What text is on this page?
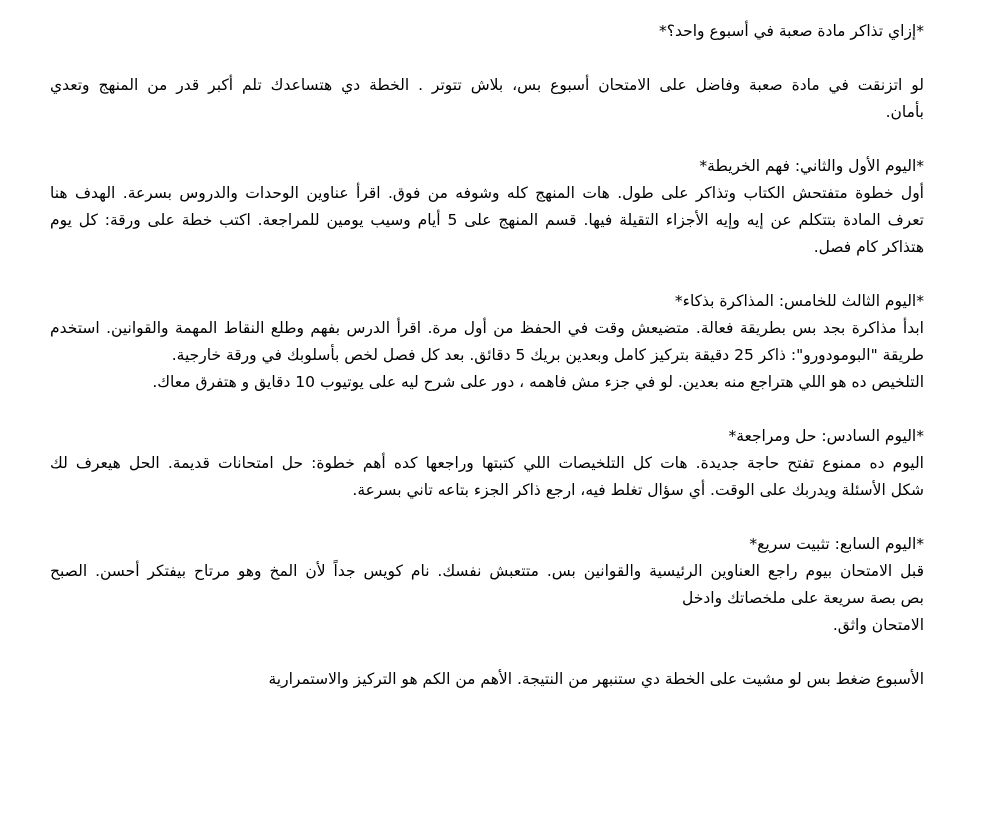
*إزاي تذاكر مادة صعبة في أسبوع واحد؟*
لو اتزنقت في مادة صعبة وفاضل على الامتحان أسبوع بس، بلاش تتوتر . الخطة دي هتساعدك تلم أكبر قدر من المنهج وتعدي
بأمان.
*اليوم الأول والثاني: فهم الخريطة*
أول خطوة متفتحش الكتاب وتذاكر على طول. هات المنهج كله وشوفه من فوق. اقرأ عناوين الوحدات والدروس بسرعة. الهدف هنا
تعرف المادة بتتكلم عن إيه وإيه الأجزاء التقيلة فيها. قسم المنهج على 5 أيام وسيب يومين للمراجعة. اكتب خطة على ورقة: كل يوم
هتذاكر كام فصل.
*اليوم الثالث للخامس: المذاكرة بذكاء*
ابدأ مذاكرة بجد بس بطريقة فعالة. متضيعش وقت في الحفظ من أول مرة. اقرأ الدرس بفهم وطلع النقاط المهمة والقوانين. استخدم
طريقة "البومودورو": ذاكر 25 دقيقة بتركيز كامل وبعدين بريك 5 دقائق. بعد كل فصل لخص بأسلوبك في ورقة خارجية.
التلخيص ده هو اللي هتراجع منه بعدين. لو في جزء مش فاهمه ، دور على شرح ليه على يوتيوب 10 دقايق و هتفرق معاك.
*اليوم السادس: حل ومراجعة*
اليوم ده ممنوع تفتح حاجة جديدة. هات كل التلخيصات اللي كتبتها وراجعها كده أهم خطوة: حل امتحانات قديمة. الحل هيعرف لك
شكل الأسئلة ويدربك على الوقت. أي سؤال تغلط فيه، ارجع ذاكر الجزء بتاعه تاني بسرعة.
*اليوم السابع: تثبيت سريع*
قبل الامتحان بيوم راجع العناوين الرئيسية والقوانين بس. متتعبش نفسك. نام كويس جداً لأن المخ وهو مرتاح بيفتكر أحسن. الصبح
بص بصة سريعة على ملخصاتك وادخل
الامتحان واثق.
الأسبوع ضغط بس لو مشيت على الخطة دي ستنبهر من النتيجة. الأهم من الكم هو التركيز والاستمرارية
